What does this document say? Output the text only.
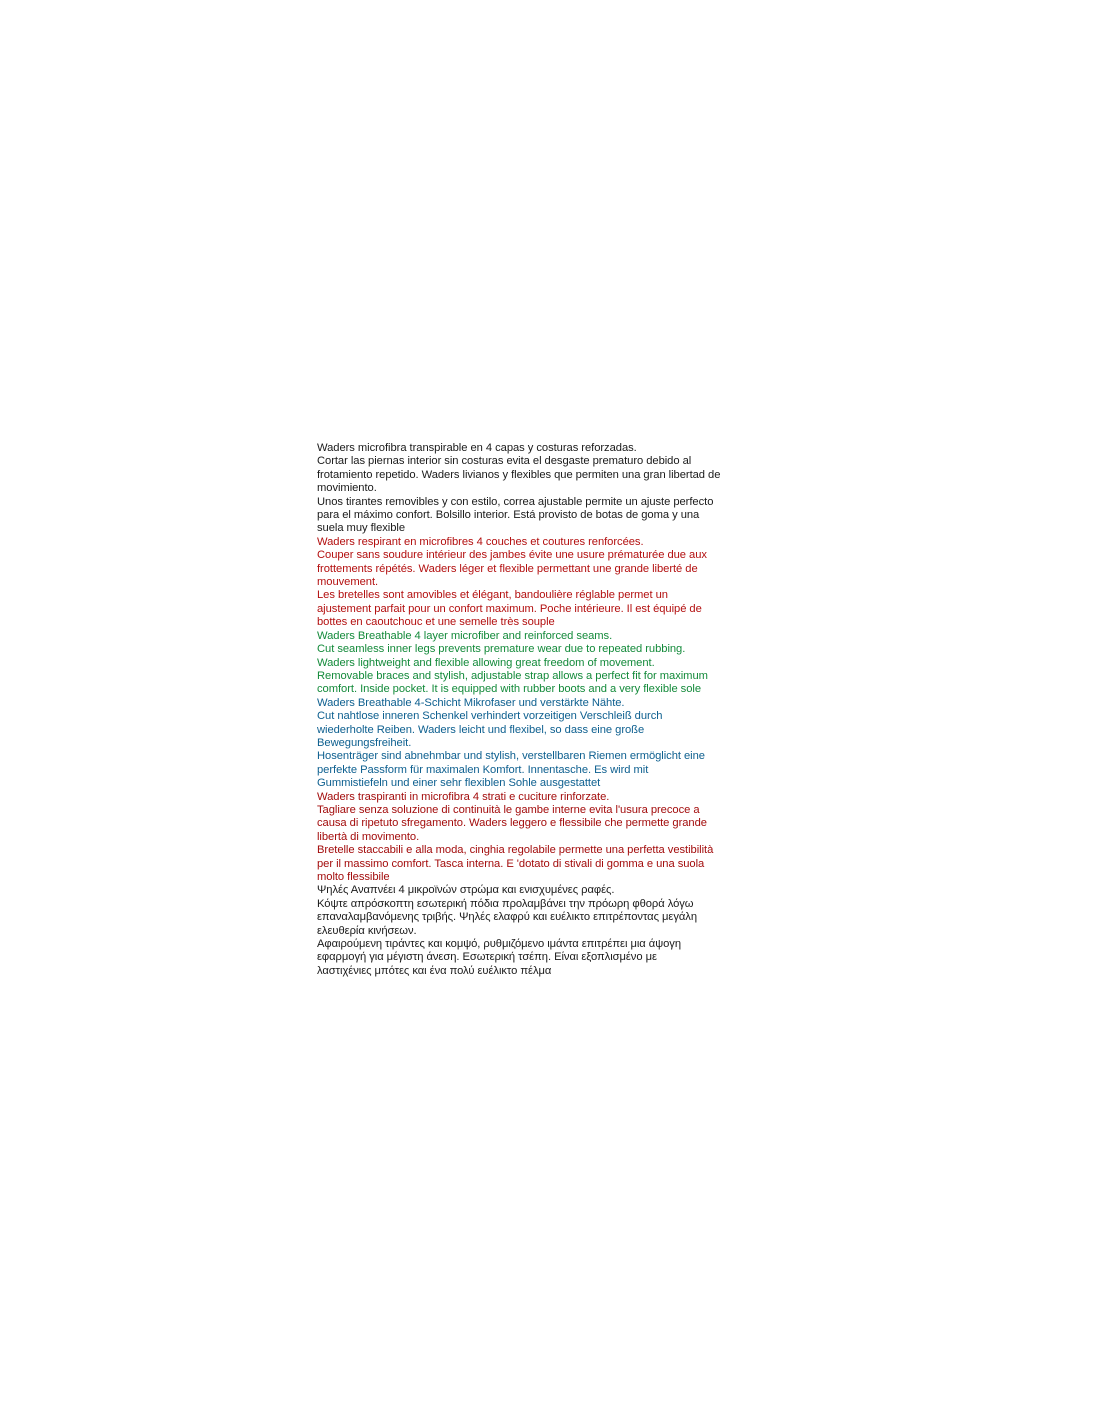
Waders microfibra transpirable en 4 capas y costuras reforzadas.
Cortar las piernas interior sin costuras evita el desgaste prematuro debido al
frotamiento repetido. Waders livianos y flexibles que permiten una gran libertad de
movimiento.
Unos tirantes removibles y con estilo, correa ajustable permite un ajuste perfecto
para el máximo confort. Bolsillo interior. Está provisto de botas de goma y una
suela muy flexible

Waders respirant en microfibres 4 couches et coutures renforcées.
Couper sans soudure intérieur des jambes évite une usure prématurée due aux
frottements répétés. Waders léger et flexible permettant une grande liberté de
mouvement.
Les bretelles sont amovibles et élégant, bandoulière réglable permet un
ajustement parfait pour un confort maximum. Poche intérieure. Il est équipé de
bottes en caoutchouc et une semelle très souple

Waders Breathable 4 layer microfiber and reinforced seams.
Cut seamless inner legs prevents premature wear due to repeated rubbing.
Waders lightweight and flexible allowing great freedom of movement.
Removable braces and stylish, adjustable strap allows a perfect fit for maximum
comfort. Inside pocket. It is equipped with rubber boots and a very flexible sole

Waders Breathable 4-Schicht Mikrofaser und verstärkte Nähte.
Cut nahtlose inneren Schenkel verhindert vorzeitigen Verschleiß durch
wiederholte Reiben. Waders leicht und flexibel, so dass eine große
Bewegungsfreiheit.
Hosenträger sind abnehmbar und stylish, verstellbaren Riemen ermöglicht eine
perfekte Passform für maximalen Komfort. Innentasche. Es wird mit
Gummistiefeln und einer sehr flexiblen Sohle ausgestattet

Waders traspiranti in microfibra 4 strati e cuciture rinforzate.
Tagliare senza soluzione di continuità le gambe interne evita l'usura precoce a
causa di ripetuto sfregamento. Waders leggero e flessibile che permette grande
libertà di movimento.
Bretelle staccabili e alla moda, cinghia regolabile permette una perfetta vestibilità
per il massimo comfort. Tasca interna. E 'dotato di stivali di gomma e una suola
molto flessibile

Ψηλές Αναπνέει 4 μικροϊνών στρώμα και ενισχυμένες ραφές.
Κόψτε απρόσκοπτη εσωτερική πόδια προλαμβάνει την πρόωρη φθορά λόγω
επαναλαμβανόμενης τριβής. Ψηλές ελαφρύ και ευέλικτο επιτρέποντας μεγάλη
ελευθερία κινήσεων.
Αφαιρούμενη τιράντες και κομψό, ρυθμιζόμενο ιμάντα επιτρέπει μια άψογη
εφαρμογή για μέγιστη άνεση. Εσωτερική τσέπη. Είναι εξοπλισμένο με
λαστιχένιες μπότες και ένα πολύ ευέλικτο πέλμα
